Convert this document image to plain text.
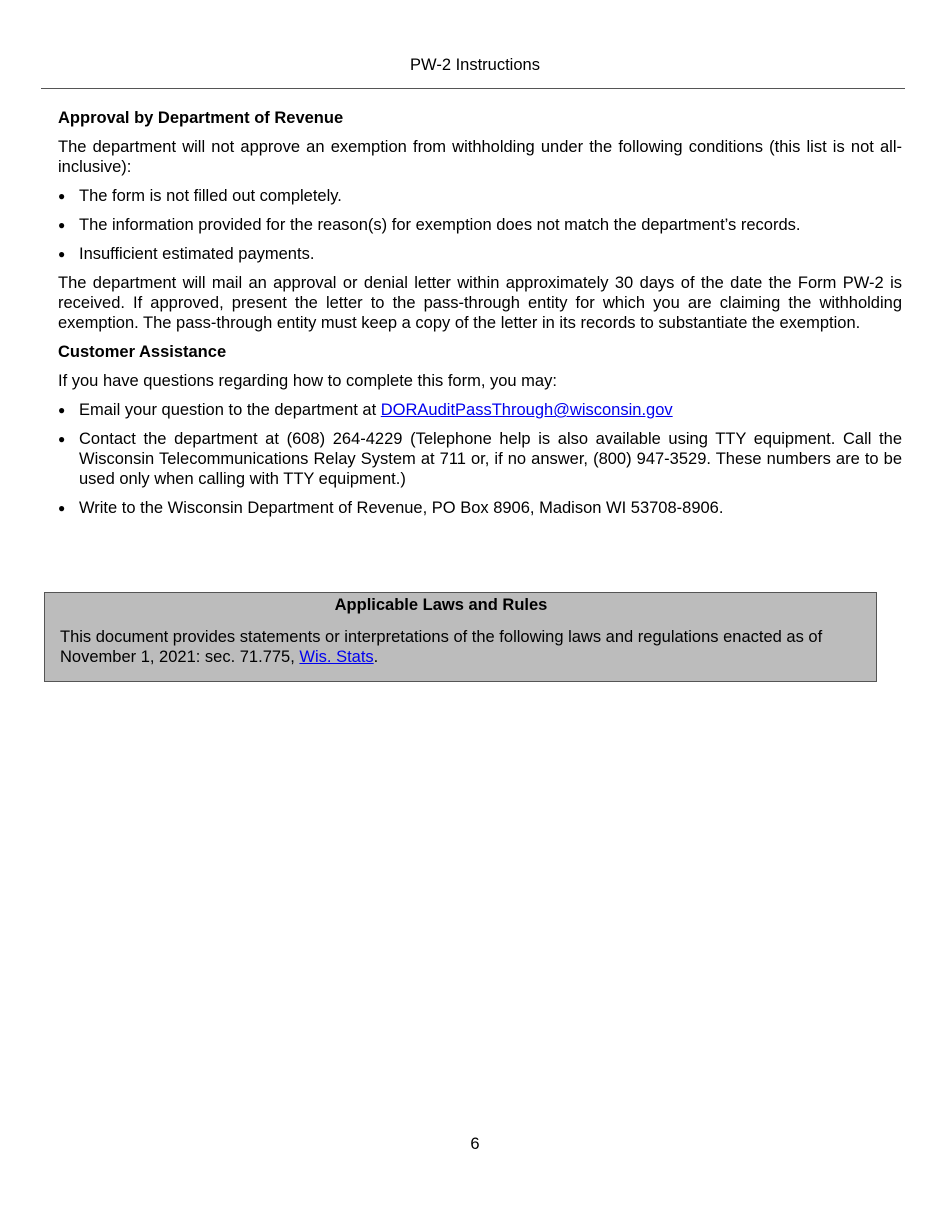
PW-2 Instructions
Approval by Department of Revenue
The department will not approve an exemption from withholding under the following conditions (this list is not all-inclusive):
● The form is not filled out completely.
● The information provided for the reason(s) for exemption does not match the department’s records.
● Insufficient estimated payments.
The department will mail an approval or denial letter within approximately 30 days of the date the Form PW-2 is received. If approved, present the letter to the pass-through entity for which you are claiming the withholding exemption. The pass-through entity must keep a copy of the letter in its records to substantiate the exemption.
Customer Assistance
If you have questions regarding how to complete this form, you may:
● Email your question to the department at DORAuditPassThrough@wisconsin.gov
● Contact the department at (608) 264-4229 (Telephone help is also available using TTY equipment. Call the Wisconsin Telecommunications Relay System at 711 or, if no answer, (800) 947-3529. These numbers are to be used only when calling with TTY equipment.)
● Write to the Wisconsin Department of Revenue, PO Box 8906, Madison WI 53708-8906.
Applicable Laws and Rules
This document provides statements or interpretations of the following laws and regulations enacted as of November 1, 2021: sec. 71.775, Wis. Stats.
6
